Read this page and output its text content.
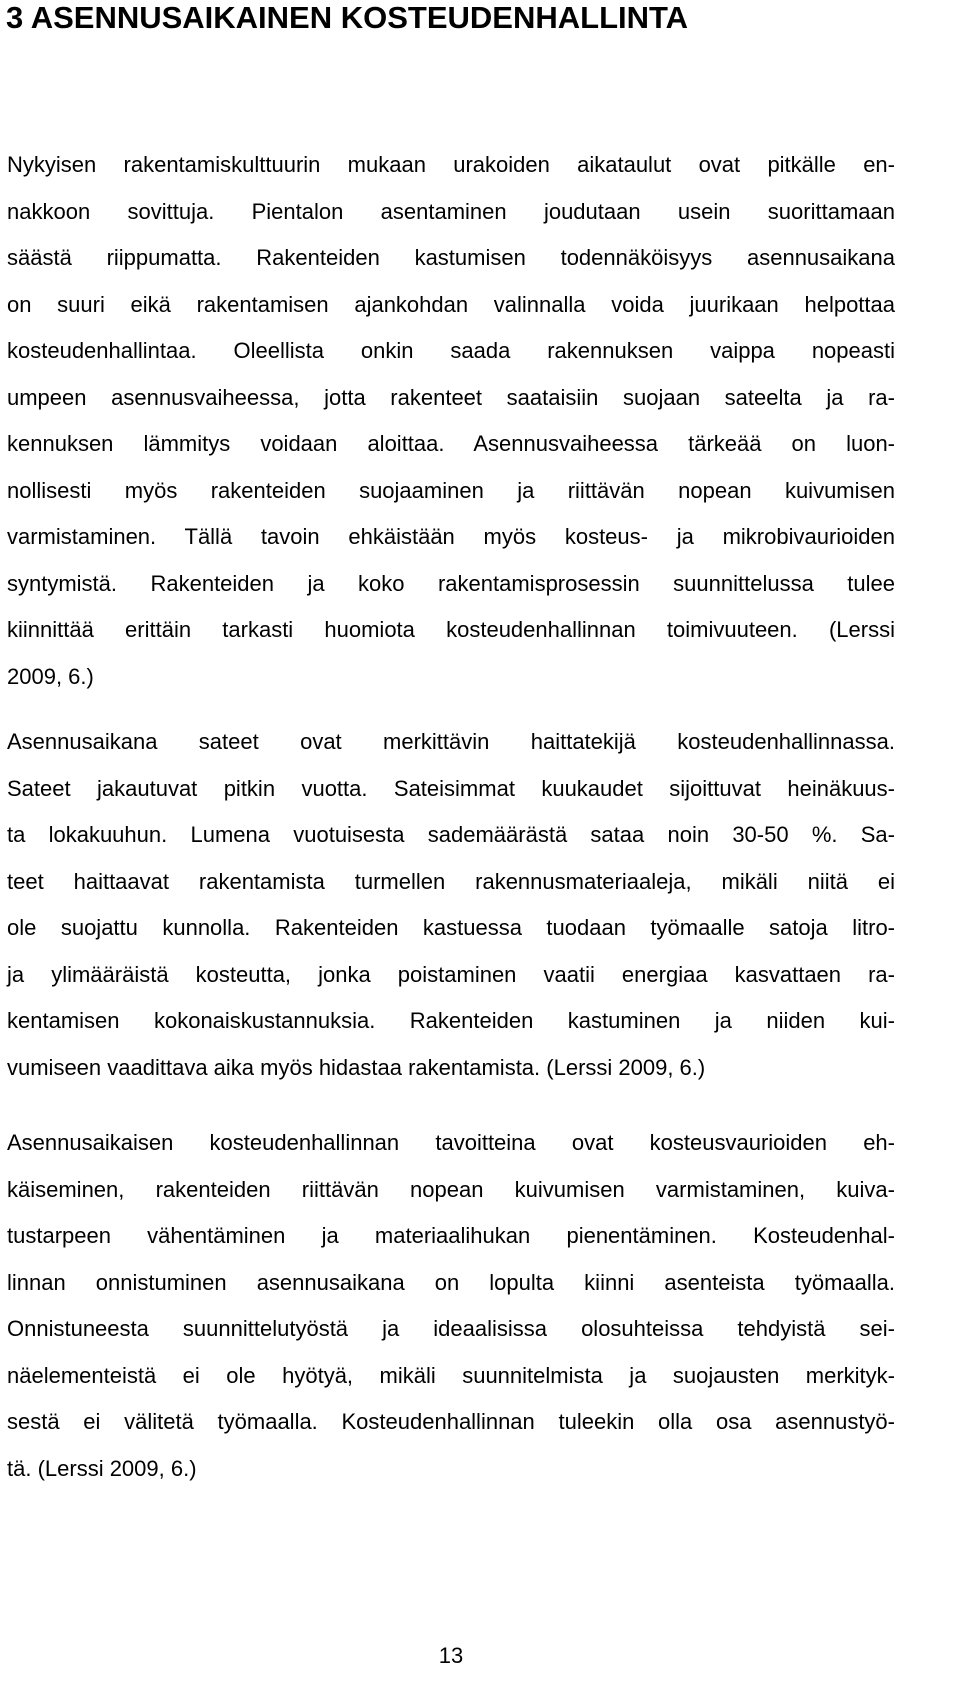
3 ASENNUSAIKAINEN KOSTEUDENHALLINTA
Nykyisen rakentamiskulttuurin mukaan urakoiden aikataulut ovat pitkälle en-
nakkoon sovittuja. Pientalon asentaminen joudutaan usein suorittamaan
säästä riippumatta. Rakenteiden kastumisen todennäköisyys asennusaikana
on suuri eikä rakentamisen ajankohdan valinnalla voida juurikaan helpottaa
kosteudenhallintaa. Oleellista onkin saada rakennuksen vaippa nopeasti
umpeen asennusvaiheessa, jotta rakenteet saataisiin suojaan sateelta ja ra-
kennuksen lämmitys voidaan aloittaa. Asennusvaiheessa tärkeää on luon-
nollisesti myös rakenteiden suojaaminen ja riittävän nopean kuivumisen
varmistaminen. Tällä tavoin ehkäistään myös kosteus- ja mikrobivaurioiden
syntymistä. Rakenteiden ja koko rakentamisprosessin suunnittelussa tulee
kiinnittää erittäin tarkasti huomiota kosteudenhallinnan toimivuuteen. (Lerssi
2009, 6.)
Asennusaikana sateet ovat merkittävin haittatekijä kosteudenhallinnassa.
Sateet jakautuvat pitkin vuotta. Sateisimmat kuukaudet sijoittuvat heinäkuus-
ta lokakuuhun. Lumena vuotuisesta sademäärästä sataa noin 30-50 %. Sa-
teet haittaavat rakentamista turmellen rakennusmateriaaleja, mikäli niitä ei
ole suojattu kunnolla. Rakenteiden kastuessa tuodaan työmaalle satoja litro-
ja ylimääräistä kosteutta, jonka poistaminen vaatii energiaa kasvattaen ra-
kentamisen kokonaiskustannuksia. Rakenteiden kastuminen ja niiden kui-
vumiseen vaadittava aika myös hidastaa rakentamista. (Lerssi 2009, 6.)
Asennusaikaisen kosteudenhallinnan tavoitteina ovat kosteusvaurioiden eh-
käiseminen, rakenteiden riittävän nopean kuivumisen varmistaminen, kuiva-
tustarpeen vähentäminen ja materiaalihukan pienentäminen. Kosteudenhal-
linnan onnistuminen asennusaikana on lopulta kiinni asenteista työmaalla.
Onnistuneesta suunnittelutyöstä ja ideaalisissa olosuhteissa tehdyistä sei-
näelementeistä ei ole hyötyä, mikäli suunnitelmista ja suojausten merkityk-
sestä ei välitetä työmaalla. Kosteudenhallinnan tuleekin olla osa asennustyö-
tä. (Lerssi 2009, 6.)
13
